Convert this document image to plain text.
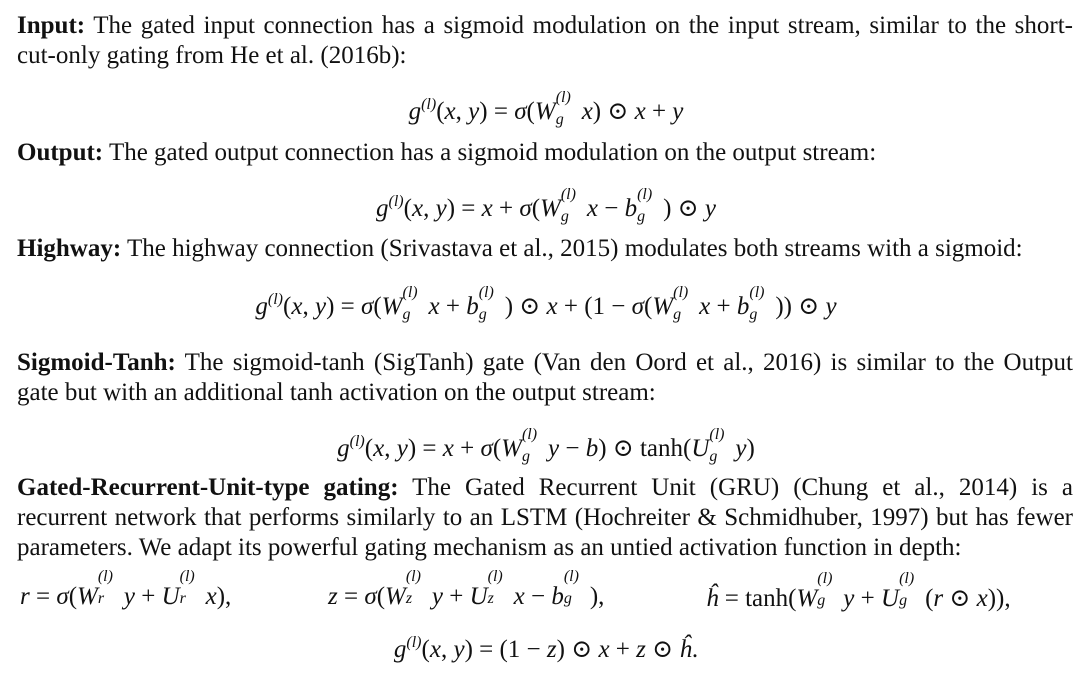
Input: The gated input connection has a sigmoid modulation on the input stream, similar to the short-cut-only gating from He et al. (2016b):
$g^{(l)}(x$, y) = σ(W
(l)
g x) ⊙ x + y
Output: The gated output connection has a sigmoid modulation on the output stream:
$g^{(l)}(x$, y) = x + σ(W
(l)
g x − b
(l)
g ) ⊙ y
Highway: The highway connection (Srivastava et al., 2015) modulates both streams with a sigmoid:
$g^{(l)}(x$, y) = σ(W
(l)
g x + b
(l)
g ) ⊙ x + (1 − σ(W
(l)
g x + b
(l)
g )) ⊙ y
Sigmoid-Tanh: The sigmoid-tanh (SigTanh) gate (Van den Oord et al., 2016) is similar to the Output gate but with an additional tanh activation on the output stream:
$g^{(l)}(x$, y) = x + σ(W
(l)
g y − b) ⊙ tanh(U
(l)
g y)
Gated-Recurrent-Unit-type gating: The Gated Recurrent Unit (GRU) (Chung et al., 2014) is a recurrent network that performs similarly to an LSTM (Hochreiter & Schmidhuber, 1997) but has fewer parameters. We adapt its powerful gating mechanism as an untied activation function in depth:
r = σ(W
(l)
r y + U
(l)
r x),	z = σ(W
(l)
z y + U
(l)
z x − b
(l)
g ),	ĥ = tanh(W
(l)
g y + U
(l)
g (r ⊙ x)),
$g^{(l)}(x$, y) = (1 − z) ⊙ x + z ⊙ ĥ.
